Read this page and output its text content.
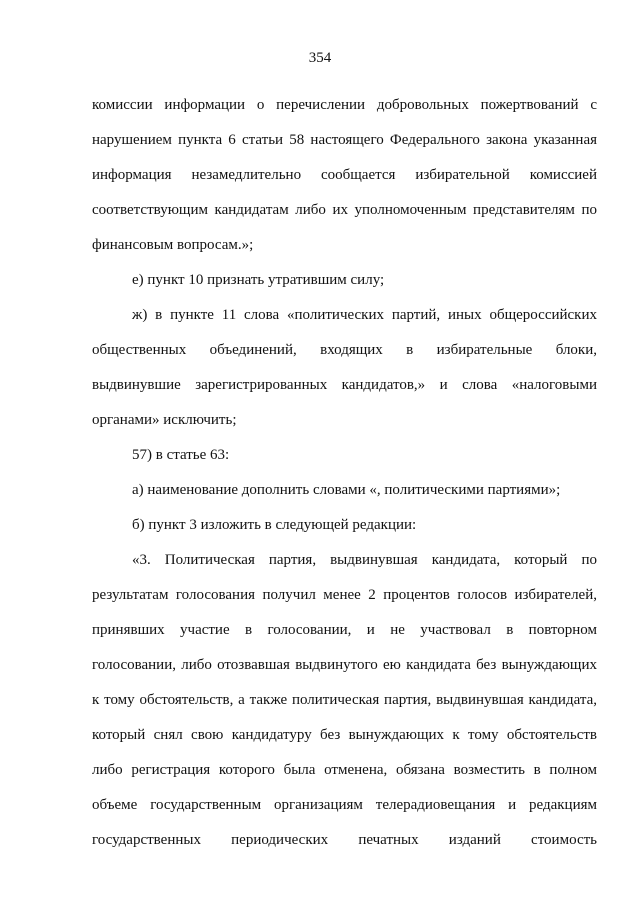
354
комиссии информации о перечислении добровольных пожертвований с
нарушением пункта 6 статьи 58 настоящего Федерального закона указанная
информация незамедлительно сообщается избирательной комиссией
соответствующим кандидатам либо их уполномоченным представителям по
финансовым вопросам.»;
е) пункт 10 признать утратившим силу;
ж) в пункте 11 слова «политических партий, иных общероссийских
общественных объединений, входящих в избирательные блоки,
выдвинувшие зарегистрированных кандидатов,» и слова «налоговыми
органами» исключить;
57) в статье 63:
а) наименование дополнить словами «, политическими партиями»;
б) пункт 3 изложить в следующей редакции:
«3. Политическая партия, выдвинувшая кандидата, который по
результатам голосования получил менее 2 процентов голосов избирателей,
принявших участие в голосовании, и не участвовал в повторном
голосовании, либо отозвавшая выдвинутого ею кандидата без вынуждающих
к тому обстоятельств, а также политическая партия, выдвинувшая кандидата,
который снял свою кандидатуру без вынуждающих к тому обстоятельств
либо регистрация которого была отменена, обязана возместить в полном
объеме государственным организациям телерадиовещания и редакциям
государственных периодических печатных изданий стоимость
